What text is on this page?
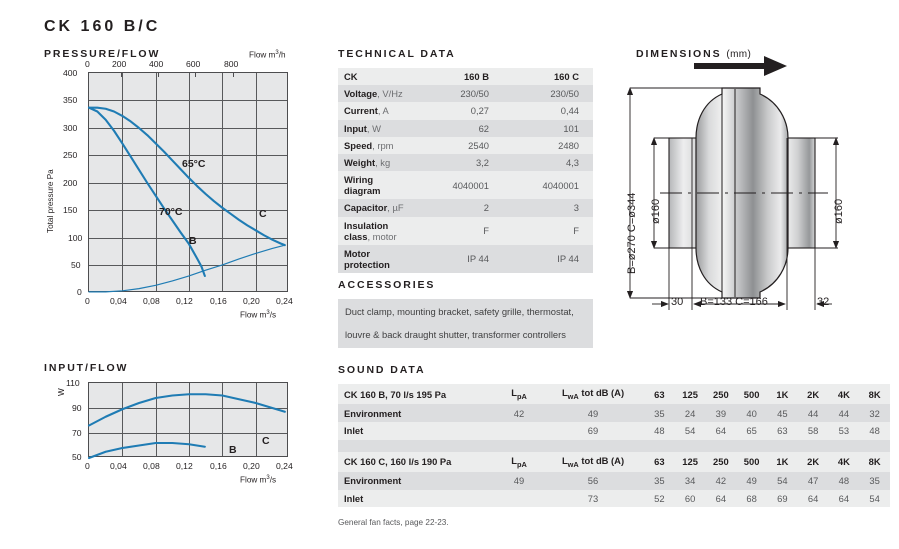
CK 160 B/C
PRESSURE/FLOW	Flow $m^3/h$
Total pressure Pa
0	200	400	600	800
400
350
300
250
200
150
100
50
0
0 0,04 0,08 0,12 0,16 0,20 0,24
Flow $m^3/s$
65°C
70°C	C
B
INPUT/FLOW
W
110
90
70
50
0 0,04 0,08 0,12 0,16 0,20 0,24
Flow $m^3/s$
C
B
TECHNICAL DATA
CK	160 B	160 C
Voltage, V/Hz	230/50	230/50
Current, A	0,27	0,44
Input, W	62	101
Speed, rpm	2540	2480
Weight, kg	3,2	4,3
Wiring diagram	4040001	4040001
Capacitor, µF	2	3
Insulation class, motor	F	F
Motor protection	IP 44	IP 44
ACCESSORIES
Duct clamp, mounting bracket, safety grille, thermostat,
louvre & back draught shutter, transformer controllers
SOUND DATA
CK 160 B, 70 l/s 195 Pa	$L_{pA}$	$L_{wA}$ tot dB (A)	63	125	250	500	1K	2K	4K	8K
Environment	42	49	35	24	39	40	45	44	44	32
Inlet		69	48	54	64	65	63	58	53	48
CK 160 C, 160 l/s 190 Pa	$L_{pA}$	$L_{wA}$ tot dB (A)	63	125	250	500	1K	2K	4K	8K
Environment	49	56	35	34	42	49	54	47	48	35
Inlet		73	52	60	64	68	69	64	64	54
General fan facts, page 22-23.
DIMENSIONS (mm)
B=ø270 C=ø344 ø160	ø160
30 B=133 C=166	32
